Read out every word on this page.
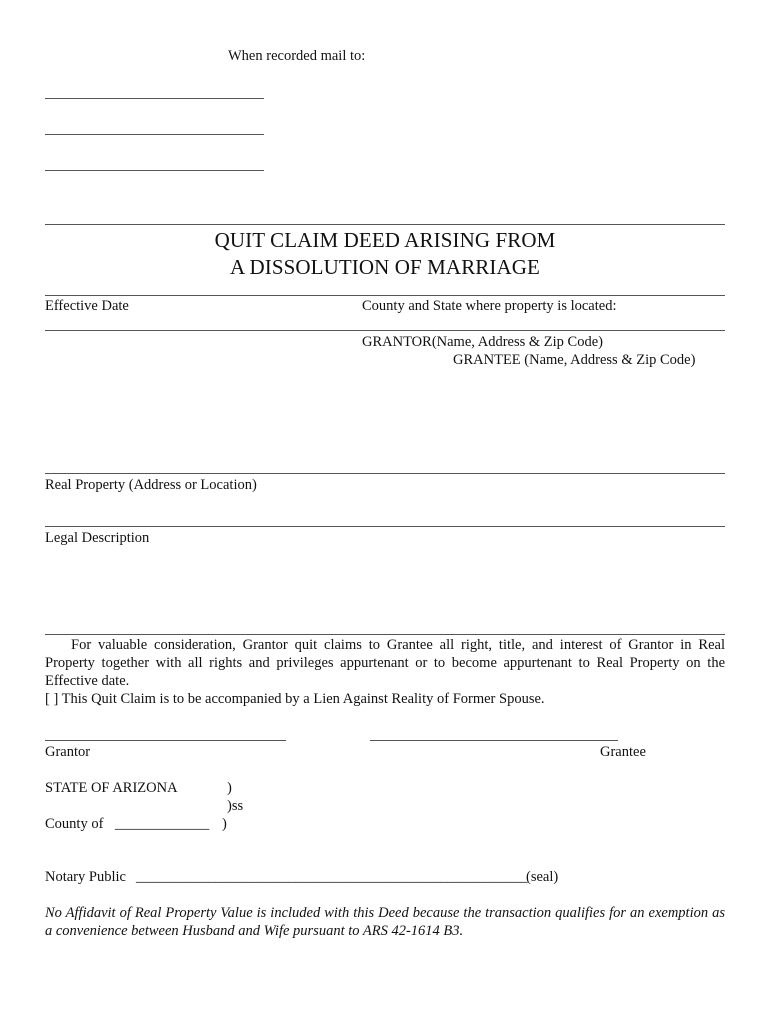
When recorded mail to:
QUIT CLAIM DEED ARISING FROM
A DISSOLUTION OF MARRIAGE
Effective Date	County and State where property is located:
GRANTOR(Name, Address & Zip Code)
GRANTEE (Name, Address & Zip Code)
Real Property (Address or Location)
Legal Description
For valuable consideration, Grantor quit claims to Grantee all right, title, and interest of Grantor in Real Property together with all rights and privileges appurtenant or to become appurtenant to Real Property on the Effective date.
[ ] This Quit Claim is to be accompanied by a Lien Against Reality of Former Spouse.
Grantor	Grantee
STATE OF ARIZONA	)
)ss
County of _____________ )
Notary Public ______________________________________________________
(seal)
No Affidavit of Real Property Value is included with this Deed because the transaction qualifies for an exemption as a convenience between Husband and Wife pursuant to ARS 42-1614 B3.
